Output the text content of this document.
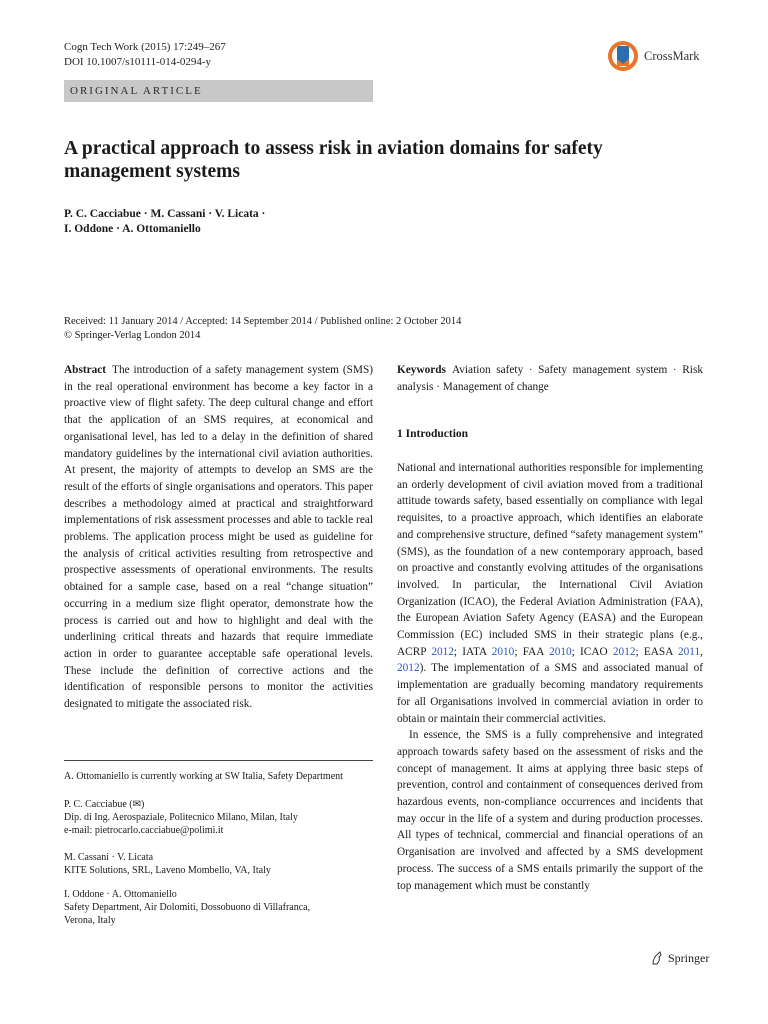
Cogn Tech Work (2015) 17:249–267
DOI 10.1007/s10111-014-0294-y	CrossMark
ORIGINAL ARTICLE
A practical approach to assess risk in aviation domains for safety management systems
P. C. Cacciabue · M. Cassani · V. Licata ·
I. Oddone · A. Ottomaniello
Received: 11 January 2014 / Accepted: 14 September 2014 / Published online: 2 October 2014
© Springer-Verlag London 2014
Abstract The introduction of a safety management system (SMS) in the real operational environment has become a key factor in a proactive view of flight safety. The deep cultural change and effort that the application of an SMS requires, at economical and organisational level, has led to a delay in the definition of shared mandatory guidelines by the international civil aviation authorities. At present, the majority of attempts to develop an SMS are the result of the efforts of single organisations and operators. This paper describes a methodology aimed at practical and straightforward implementations of risk assessment processes and able to tackle real problems. The application process might be used as guideline for the analysis of critical activities resulting from retrospective and prospective assessments of operational environments. The results obtained for a sample case, based on a real “change situation” occurring in a medium size flight operator, demonstrate how the process is carried out and how to highlight and deal with the underlining critical threats and hazards that require immediate action in order to guarantee acceptable safe operational levels. These include the definition of corrective actions and the identification of responsible persons to monitor the activities designated to mitigate the associated risk.
A. Ottomaniello is currently working at SW Italia, Safety Department
P. C. Cacciabue (✉)
Dip. di Ing. Aerospaziale, Politecnico Milano, Milan, Italy
e-mail: pietrocarlo.cacciabue@polimi.it
M. Cassani · V. Licata
KITE Solutions, SRL, Laveno Mombello, VA, Italy
I. Oddone · A. Ottomaniello
Safety Department, Air Dolomiti, Dossobuono di Villafranca,
Verona, Italy
Keywords Aviation safety · Safety management system · Risk analysis · Management of change
1 Introduction
National and international authorities responsible for implementing an orderly development of civil aviation moved from a traditional attitude towards safety, based essentially on compliance with legal requisites, to a proactive approach, which identifies an elaborate and comprehensive structure, defined “safety management system” (SMS), as the foundation of a new contemporary approach, based on proactive and constantly evolving attitudes of the organisations involved. In particular, the International Civil Aviation Organization (ICAO), the Federal Aviation Administration (FAA), the European Aviation Safety Agency (EASA) and the European Commission (EC) included SMS in their strategic plans (e.g., ACRP 2012; IATA 2010; FAA 2010; ICAO 2012; EASA 2011, 2012). The implementation of a SMS and associated manual of implementation are gradually becoming mandatory requirements for all Organisations involved in commercial aviation in order to obtain or maintain their commercial activities.
In essence, the SMS is a fully comprehensive and integrated approach towards safety based on the assessment of risks and the concept of management. It aims at applying three basic steps of prevention, control and containment of consequences derived from hazardous events, non-compliance occurrences and incidents that may occur in the life of a system and during production processes. All types of technical, commercial and financial operations of an Organisation are involved and affected by a SMS development process. The success of a SMS entails primarily the support of the top management which must be constantly
Springer
